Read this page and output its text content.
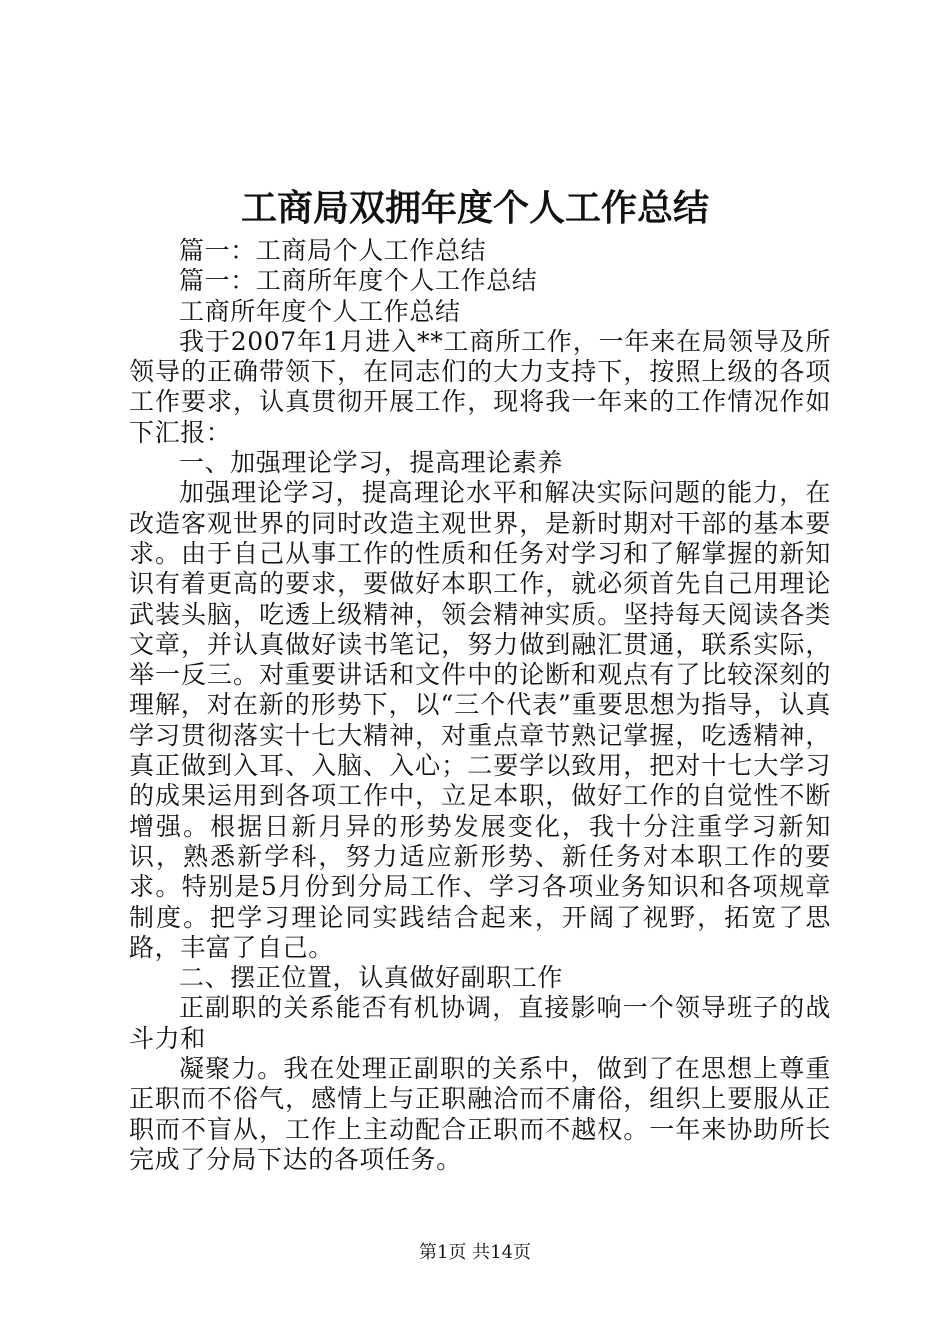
工商局双拥年度个人工作总结

篇一：工商局个人工作总结

篇一：工商所年度个人工作总结

工商所年度个人工作总结

我于2007年1月进入**工商所工作，一年来在局领导及所领导的正确带领下，在同志们的大力支持下，按照上级的各项工作要求，认真贯彻开展工作，现将我一年来的工作情况作如下汇报：

一、加强理论学习，提高理论素养

加强理论学习，提高理论水平和解决实际问题的能力，在改造客观世界的同时改造主观世界，是新时期对干部的基本要求。由于自己从事工作的性质和任务对学习和了解掌握的新知识有着更高的要求，要做好本职工作，就必须首先自己用理论武装头脑，吃透上级精神，领会精神实质。坚持每天阅读各类文章，并认真做好读书笔记，努力做到融汇贯通，联系实际，举一反三。对重要讲话和文件中的论断和观点有了比较深刻的理解，对在新的形势下，以“三个代表”重要思想为指导，认真学习贯彻落实十七大精神，对重点章节熟记掌握，吃透精神，真正做到入耳、入脑、入心；二要学以致用，把对十七大学习的成果运用到各项工作中，立足本职，做好工作的自觉性不断增强。根据日新月异的形势发展变化，我十分注重学习新知识，熟悉新学科，努力适应新形势、新任务对本职工作的要求。特别是5月份到分局工作、学习各项业务知识和各项规章制度。把学习理论同实践结合起来，开阔了视野，拓宽了思路，丰富了自己。

二、摆正位置，认真做好副职工作

正副职的关系能否有机协调，直接影响一个领导班子的战斗力和

凝聚力。我在处理正副职的关系中，做到了在思想上尊重正职而不俗气，感情上与正职融洽而不庸俗，组织上要服从正职而不盲从，工作上主动配合正职而不越权。一年来协助所长完成了分局下达的各项任务。

第1页 共14页
